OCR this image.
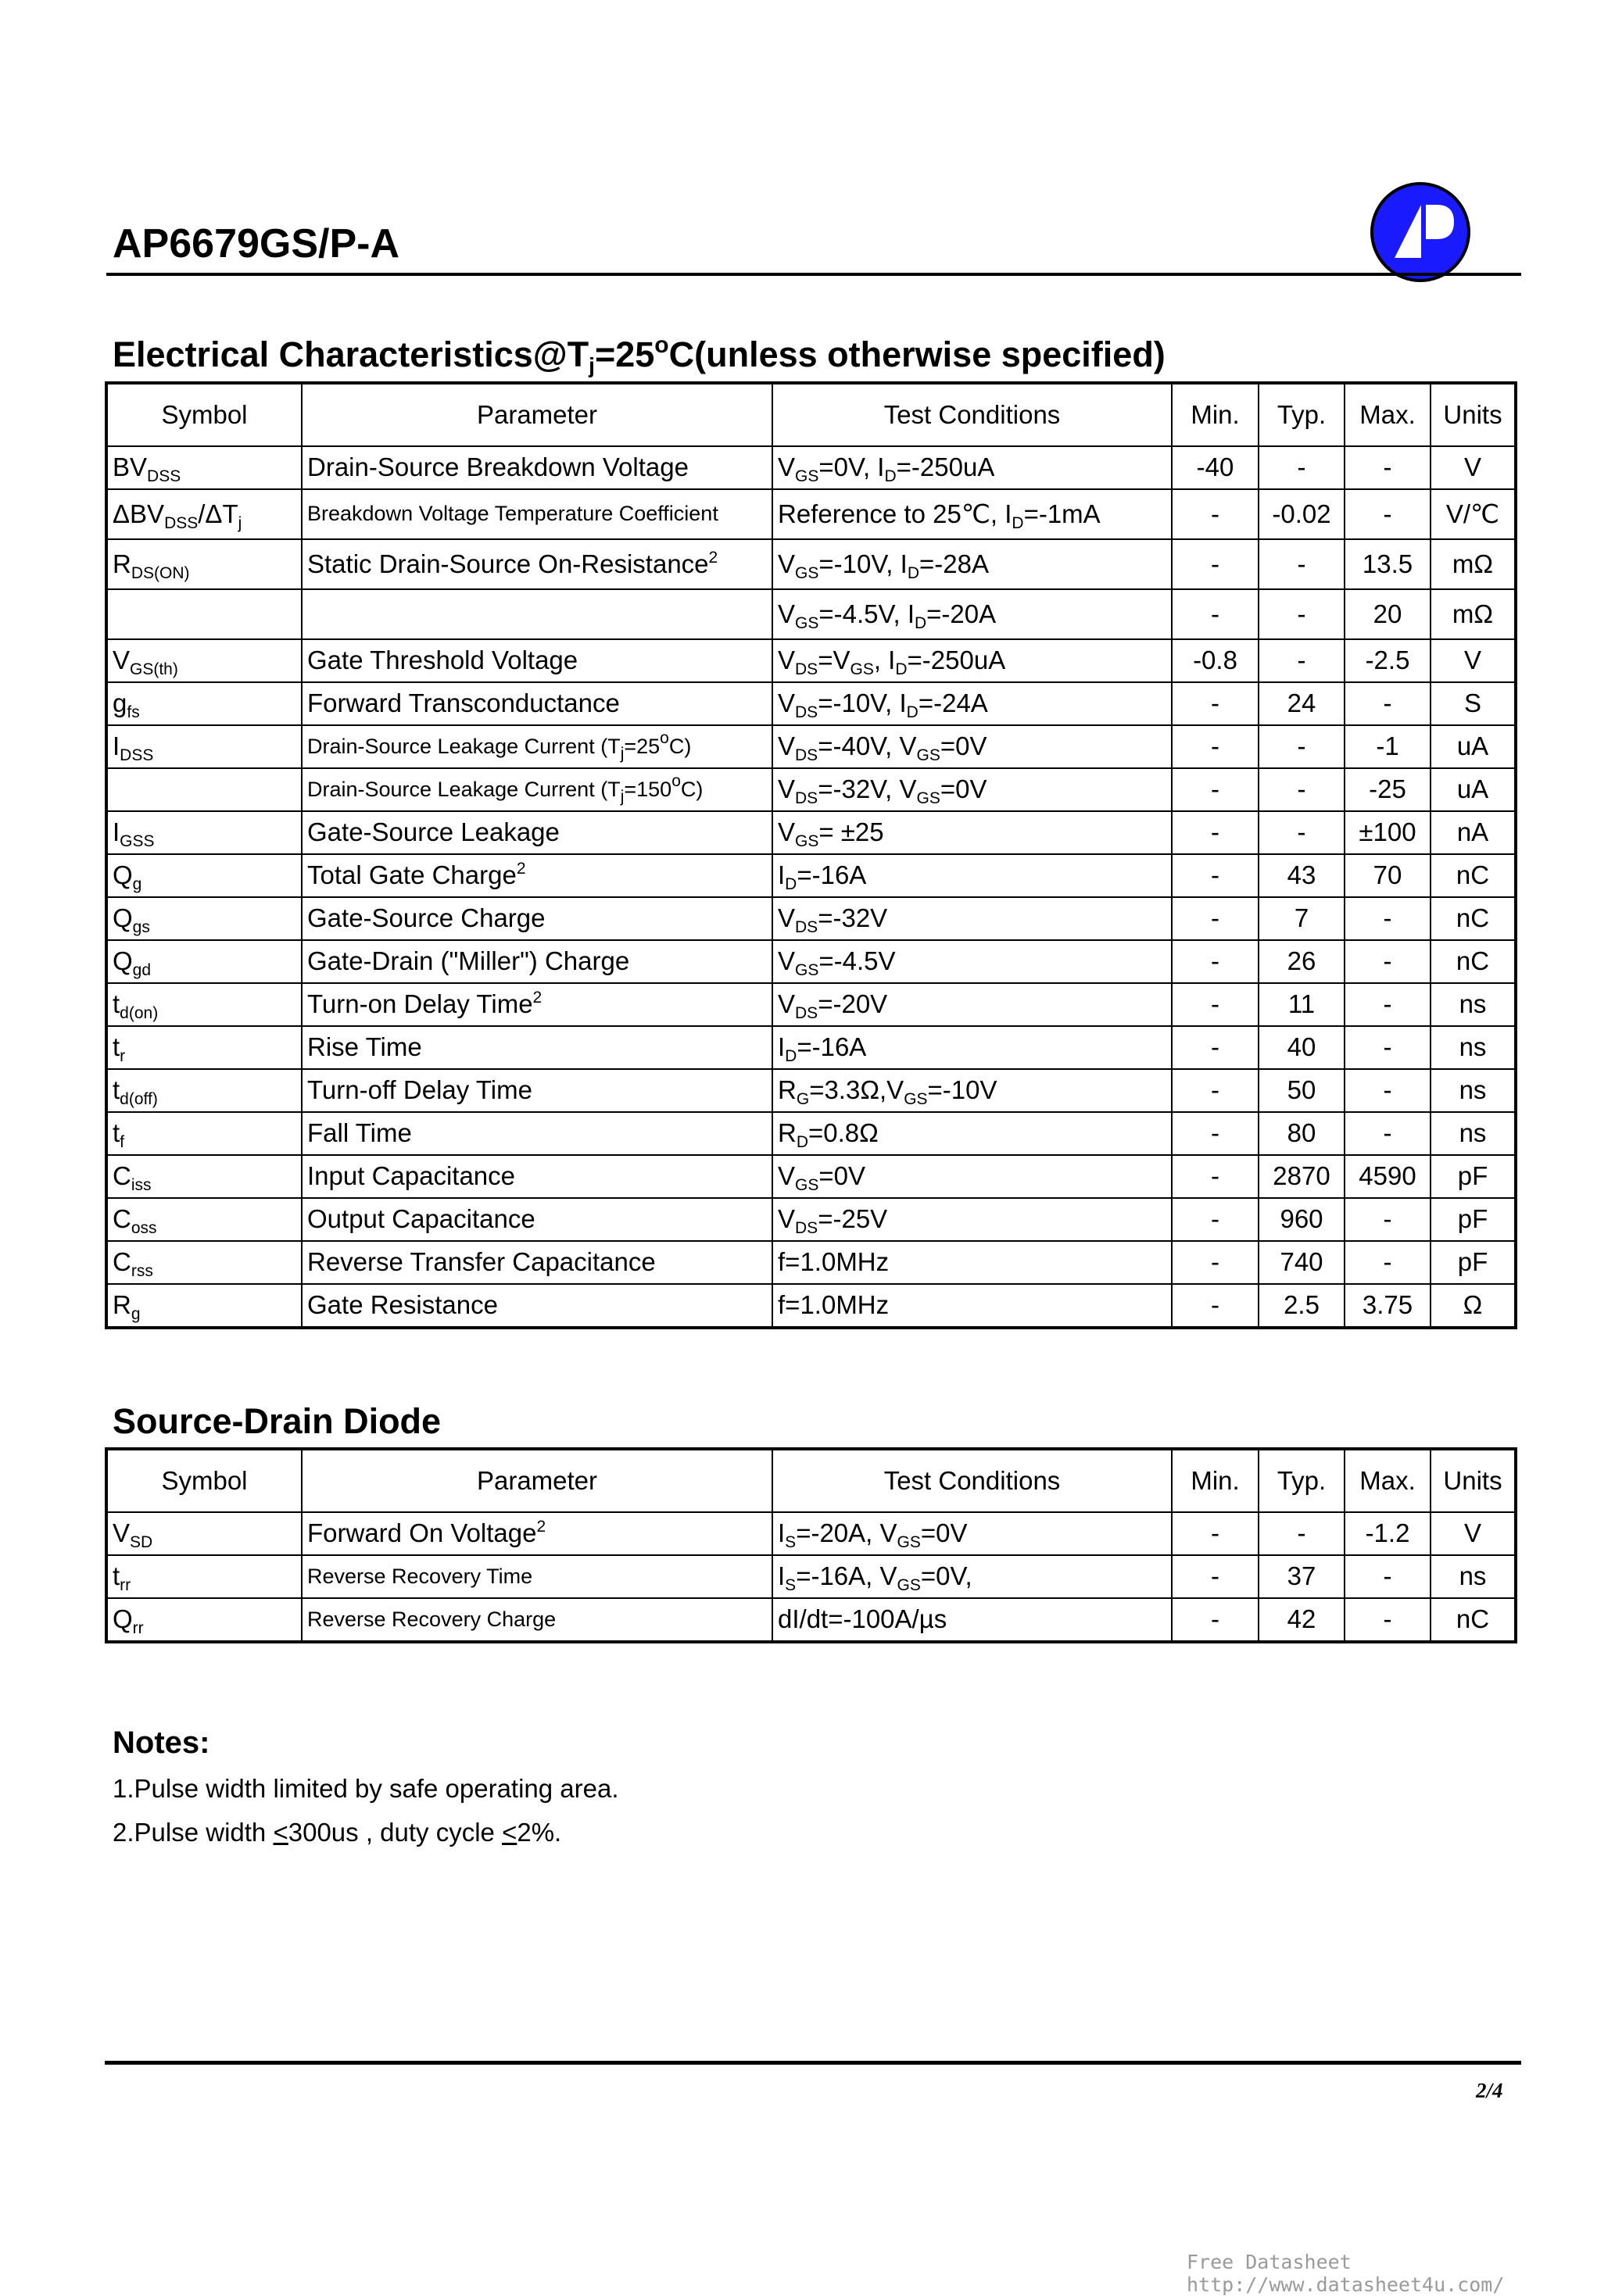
AP6679GS/P-A
Electrical $Characteristics@T_j=25^oC(unless$ otherwise specified)
Symbol	Parameter	Test Conditions	Min.	Typ.	Max.	Units
$BV_{DSS}$	Drain-Source Breakdown Voltage	$V_{GS}=0V$, $I_D=-250uA$	-40	-	-	V
$\Delta BV_{DSS}/\Delta T_j$	Breakdown Voltage Temperature Coefficient	Reference to 25℃, $I_D=-1mA$	-	-0.02	-	V/℃
$R_{DS(ON)}$	Static Drain-Source On-Resistance$^2$	$V_{GS}=-10V$, $I_D=-28A$	-	-	13.5	mΩ
		$V_{GS}=-4.5V$, $I_D=-20A$	-	-	20	mΩ
$V_{GS(th)}$	Gate Threshold Voltage	$V_{DS}=V_{GS}$, $I_D=-250uA$	-0.8	-	-2.5	V
$g_{fs}$	Forward Transconductance	$V_{DS}=-10V$, $I_D=-24A$	-	24	-	S
$I_{DSS}$	Drain-Source Leakage Current $(T_j=25^oC)$	$V_{DS}=-40V$, $V_{GS}=0V$	-	-	-1	uA
	Drain-Source Leakage Current $(T_j=150^oC)$	$V_{DS}=-32V$, $V_{GS}=0V$	-	-	-25	uA
$I_{GSS}$	Gate-Source Leakage	$V_{GS}= \pm 25$	-	-	±100	nA
$Q_g$	Total Gate Charge$^2$	$I_D=-16A$	-	43	70	nC
$Q_{gs}$	Gate-Source Charge	$V_{DS}=-32V$	-	7	-	nC
$Q_{gd}$	Gate-Drain ("Miller") Charge	$V_{GS}=-4.5V$	-	26	-	nC
$t_{d(on)}$	Turn-on Delay Time$^2$	$V_{DS}=-20V$	-	11	-	ns
$t_r$	Rise Time	$I_D=-16A$	-	40	-	ns
$t_{d(off)}$	Turn-off Delay Time	$R_G=3.3\Omega,V_{GS}=-10V$	-	50	-	ns
$t_f$	Fall Time	$R_D=0.8\Omega$	-	80	-	ns
$C_{iss}$	Input Capacitance	$V_{GS}=0V$	-	2870	4590	pF
$C_{oss}$	Output Capacitance	$V_{DS}=-25V$	-	960	-	pF
$C_{rss}$	Reverse Transfer Capacitance	f=1.0MHz	-	740	-	pF
$R_g$	Gate Resistance	f=1.0MHz	-	2.5	3.75	Ω
Source-Drain Diode
Symbol	Parameter	Test Conditions	Min.	Typ.	Max.	Units
$V_{SD}$	Forward On Voltage$^2$	$I_S=-20A$, $V_{GS}=0V$	-	-	-1.2	V
$t_{rr}$	Reverse Recovery Time	$I_S=-16A$, $V_{GS}=0V$,	-	37	-	ns
$Q_{rr}$	Reverse Recovery Charge	dI/dt=-100A/µs	-	42	-	nC
Notes:
1.Pulse width limited by safe operating area.
2.Pulse width <300us , duty cycle <2%.
2/4
Free Datasheet http://www.datasheet4u.com/
